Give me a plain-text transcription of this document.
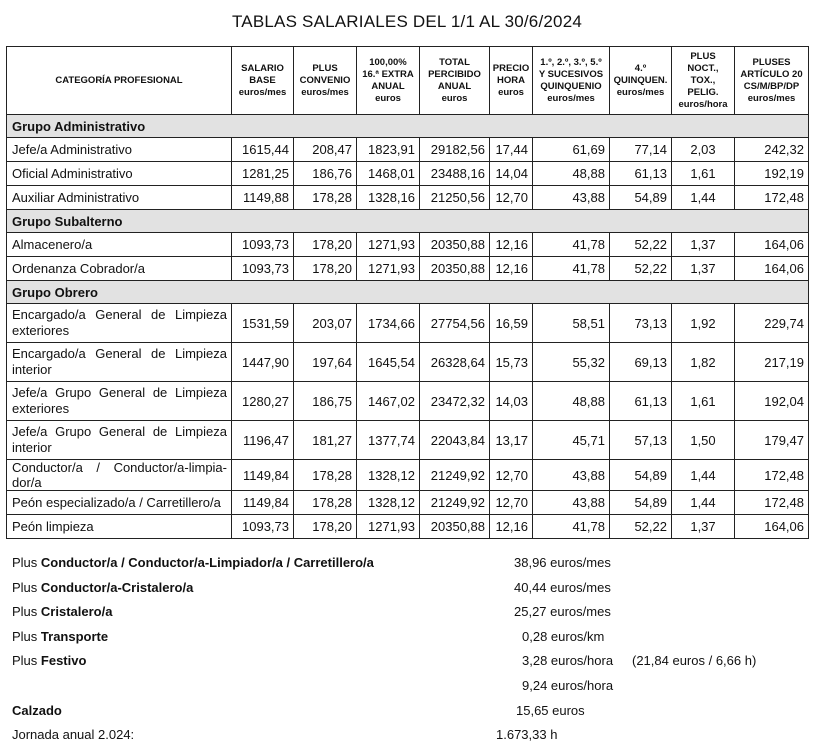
TABLAS SALARIALES DEL 1/1 AL 30/6/2024
CATEGORÍA PROFESIONAL	SALARIO
BASE
euros/mes	PLUS
CONVENIO
euros/mes	100,00%
16.ª EXTRA
ANUAL
euros	TOTAL
PERCIBIDO
ANUAL
euros	PRECIO
HORA
euros	1.º, 2.º, 3.º, 5.º
Y SUCESIVOS
QUINQUENIO
euros/mes	4.º
QUINQUEN.
euros/mes	PLUS NOCT.,
TOX., PELIG.
euros/hora	PLUSES
ARTÍCULO 20
CS/M/BP/DP
euros/mes

Grupo Administrativo									

Jefe/a Administrativo	1615,44	208,47	1823,91	29182,56	17,44	61,69	77,14	2,03	242,32

Oficial Administrativo	1281,25	186,76	1468,01	23488,16	14,04	48,88	61,13	1,61	192,19

Auxiliar Administrativo	1149,88	178,28	1328,16	21250,56	12,70	43,88	54,89	1,44	172,48
Grupo Subalterno									

Almacenero/a	1093,73	178,20	1271,93	20350,88	12,16	41,78	52,22	1,37	164,06

Ordenanza Cobrador/a	1093,73	178,20	1271,93	20350,88	12,16	41,78	52,22	1,37	164,06
Grupo Obrero									

Encargado/a General de Limpieza exteriores	1531,59	203,07	1734,66	27754,56	16,59	58,51	73,13	1,92	229,74

Encargado/a General de Limpieza interior	1447,90	197,64	1645,54	26328,64	15,73	55,32	69,13	1,82	217,19

Jefe/a Grupo General de Limpieza exteriores	1280,27	186,75	1467,02	23472,32	14,03	48,88	61,13	1,61	192,04

Jefe/a Grupo General de Limpieza interior	1196,47	181,27	1377,74	22043,84	13,17	45,71	57,13	1,50	179,47

Conductor/a / Conductor/a-limpia-dor/a	1149,84	178,28	1328,12	21249,92	12,70	43,88	54,89	1,44	172,48

Peón especializado/a / Carretillero/a	1149,84	178,28	1328,12	21249,92	12,70	43,88	54,89	1,44	172,48

Peón limpieza	1093,73	178,20	1271,93	20350,88	12,16	41,78	52,22	1,37	164,06
Plus Conductor/a / Conductor/a-Limpiador/a / Carretillero/a	38,96 euros/mes
Plus Conductor/a-Cristalero/a	40,44 euros/mes
Plus Cristalero/a	25,27 euros/mes
Plus Transporte	0,28 euros/km
Plus Festivo	3,28 euros/hora (21,84 euros / 6,66 h)
9,24 euros/hora
Calzado	15,65 euros
Jornada anual 2.024:	1.673,33 h
